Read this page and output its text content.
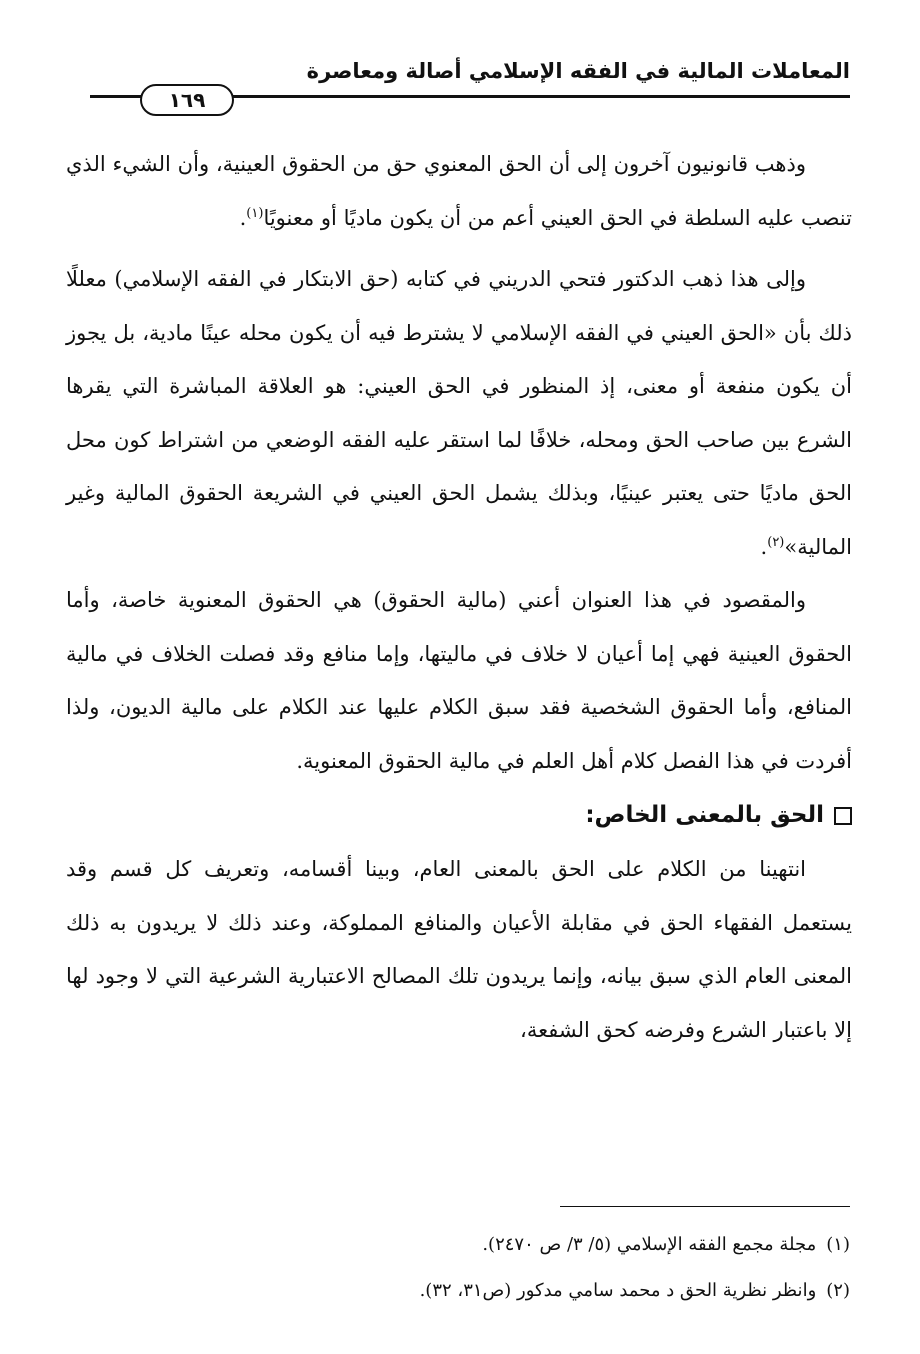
المعاملات المالية في الفقه الإسلامي أصالة ومعاصرة
١٦٩

وذهب قانونيون آخرون إلى أن الحق المعنوي حق من الحقوق العينية، وأن الشيء الذي تنصب عليه السلطة في الحق العيني أعم من أن يكون ماديًا أو معنويًا$^{(١)}$.

وإلى هذا ذهب الدكتور فتحي الدريني في كتابه (حق الابتكار في الفقه الإسلامي) معللًا ذلك بأن «الحق العيني في الفقه الإسلامي لا يشترط فيه أن يكون محله عينًا مادية، بل يجوز أن يكون منفعة أو معنى، إذ المنظور في الحق العيني: هو العلاقة المباشرة التي يقرها الشرع بين صاحب الحق ومحله، خلافًا لما استقر عليه الفقه الوضعي من اشتراط كون محل الحق ماديًا حتى يعتبر عينيًا، وبذلك يشمل الحق العيني في الشريعة الحقوق المالية وغير المالية»$^{(٢)}$.

والمقصود في هذا العنوان أعني (مالية الحقوق) هي الحقوق المعنوية خاصة، وأما الحقوق العينية فهي إما أعيان لا خلاف في ماليتها، وإما منافع وقد فصلت الخلاف في مالية المنافع، وأما الحقوق الشخصية فقد سبق الكلام عليها عند الكلام على مالية الديون، ولذا أفردت في هذا الفصل كلام أهل العلم في مالية الحقوق المعنوية.

الحق بالمعنى الخاص:

انتهينا من الكلام على الحق بالمعنى العام، وبينا أقسامه، وتعريف كل قسم وقد يستعمل الفقهاء الحق في مقابلة الأعيان والمنافع المملوكة، وعند ذلك لا يريدون به ذلك المعنى العام الذي سبق بيانه، وإنما يريدون تلك المصالح الاعتبارية الشرعية التي لا وجود لها إلا باعتبار الشرع وفرضه كحق الشفعة،

(١)مجلة مجمع الفقه الإسلامي (٥/ ٣/ ص ٢٤٧٠).

(٢)وانظر نظرية الحق د محمد سامي مدكور (ص٣١، ٣٢).
